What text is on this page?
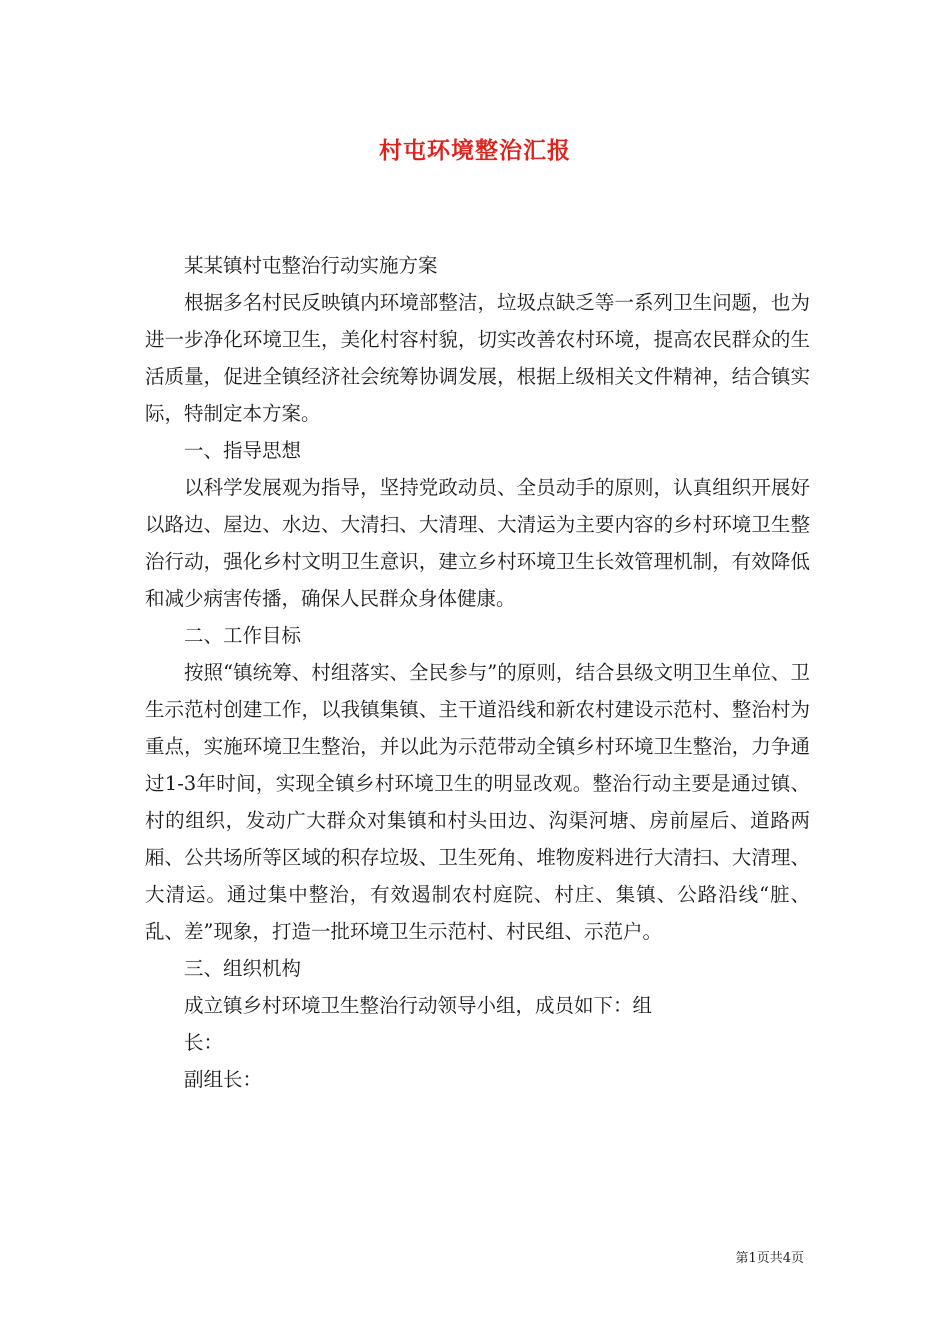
村屯环境整治汇报

某某镇村屯整治行动实施方案

根据多名村民反映镇内环境部整洁，垃圾点缺乏等一系列卫生问题，也为进一步净化环境卫生，美化村容村貌，切实改善农村环境，提高农民群众的生活质量，促进全镇经济社会统筹协调发展，根据上级相关文件精神，结合镇实际，特制定本方案。

一、指导思想

以科学发展观为指导，坚持党政动员、全员动手的原则，认真组织开展好以路边、屋边、水边、大清扫、大清理、大清运为主要内容的乡村环境卫生整治行动，强化乡村文明卫生意识，建立乡村环境卫生长效管理机制，有效降低和减少病害传播，确保人民群众身体健康。

二、工作目标

按照“镇统筹、村组落实、全民参与”的原则，结合县级文明卫生单位、卫生示范村创建工作，以我镇集镇、主干道沿线和新农村建设示范村、整治村为重点，实施环境卫生整治，并以此为示范带动全镇乡村环境卫生整治，力争通过1-3年时间，实现全镇乡村环境卫生的明显改观。整治行动主要是通过镇、村的组织，发动广大群众对集镇和村头田边、沟渠河塘、房前屋后、道路两厢、公共场所等区域的积存垃圾、卫生死角、堆物废料进行大清扫、大清理、大清运。通过集中整治，有效遏制农村庭院、村庄、集镇、公路沿线“脏、乱、差”现象，打造一批环境卫生示范村、村民组、示范户。

三、组织机构

成立镇乡村环境卫生整治行动领导小组，成员如下：组

长：

副组长：

第1页共4页
